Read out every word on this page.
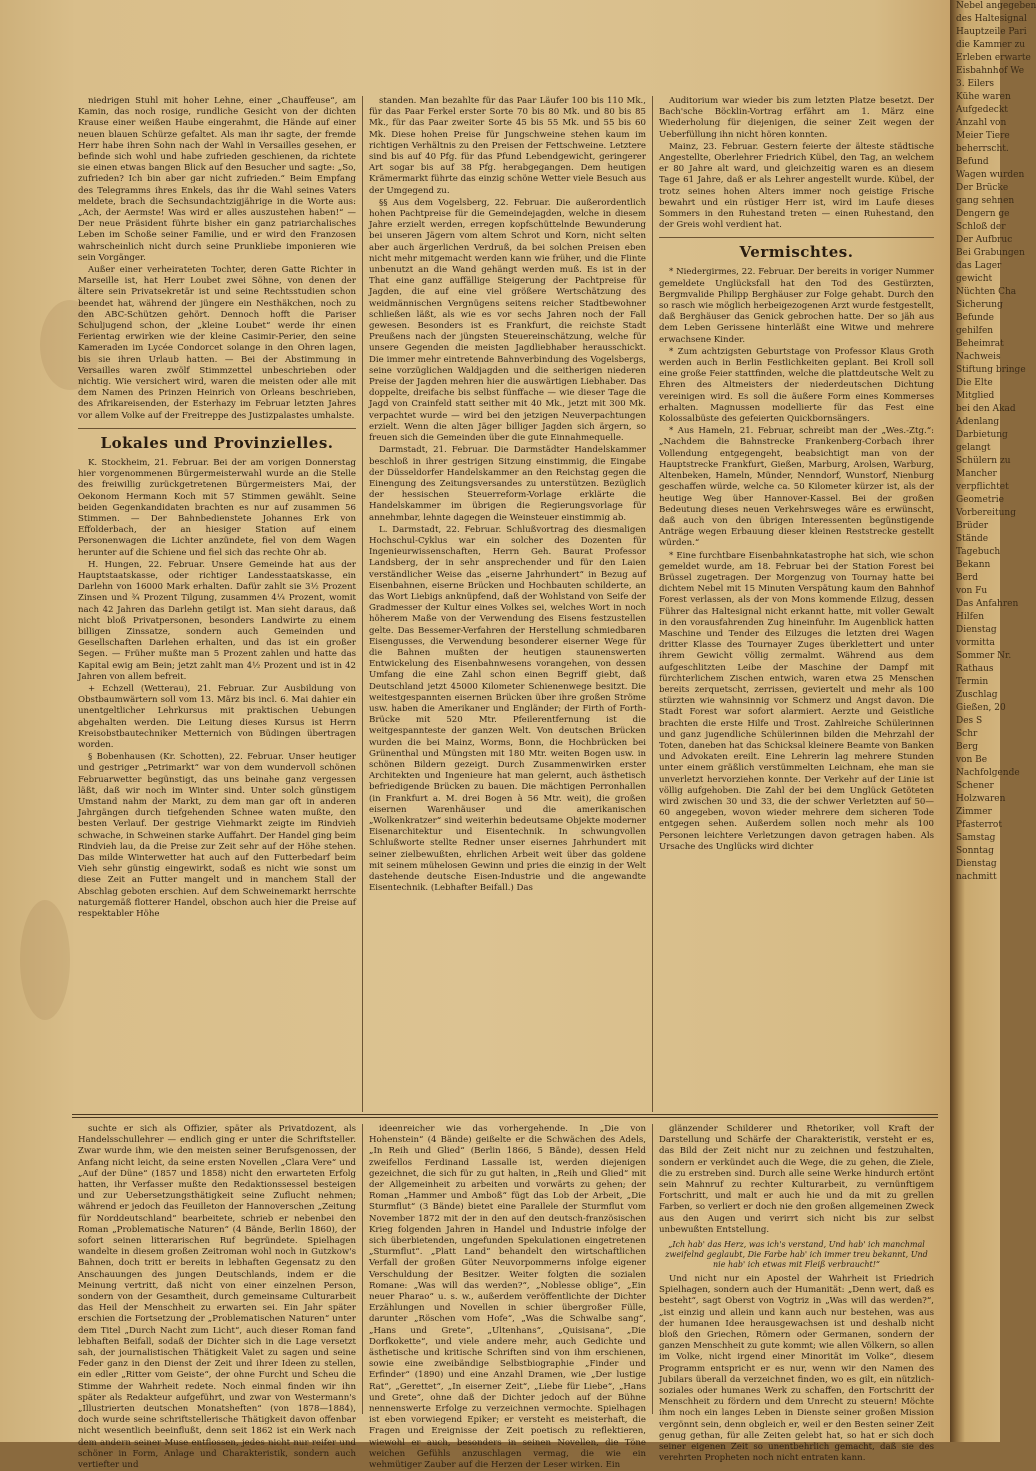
niedrigen Stuhl mit hoher Lehne, einer „Chauffeuse“, am Kamin, das noch rosige, rundliche Gesicht von der dichten Krause einer weißen Haube eingerahmt, die Hände auf einer neuen blauen Schürze gefaltet. Als man ihr sagte, der fremde Herr habe ihren Sohn nach der Wahl in Versailles gesehen, er befinde sich wohl und habe zufrieden geschienen, da richtete sie einen etwas bangen Blick auf den Besucher und sagte: „So, zufrieden? Ich bin aber gar nicht zufrieden.“ Beim Empfang des Telegramms ihres Enkels, das ihr die Wahl seines Vaters meldete, brach die Sechsundachtzigjährige in die Worte aus: „Ach, der Aermste! Was wird er alles auszustehen haben!“ — Der neue Präsident führte bisher ein ganz patriarchalisches Leben im Schoße seiner Familie, und er wird den Franzosen wahrscheinlich nicht durch seine Prunkliebe imponieren wie sein Vorgänger.

Außer einer verheirateten Tochter, deren Gatte Richter in Marseille ist, hat Herr Loubet zwei Söhne, von denen der ältere sein Privatsekretär ist und seine Rechtsstudien schon beendet hat, während der jüngere ein Nesthäkchen, noch zu den ABC-Schützen gehört. Dennoch hofft die Pariser Schuljugend schon, der „kleine Loubet“ werde ihr einen Ferientag erwirken wie der kleine Casimir-Perier, den seine Kameraden im Lycée Condorcet solange in den Ohren lagen, bis sie ihren Urlaub hatten. — Bei der Abstimmung in Versailles waren zwölf Stimmzettel unbeschrieben oder nichtig. Wie versichert wird, waren die meisten oder alle mit dem Namen des Prinzen Heinrich von Orleans beschrieben, des Afrikareisenden, der Esterhazy im Februar letzten Jahres vor allem Volke auf der Freitreppe des Justizpalastes umhalste.

Lokales und Provinzielles.

K. Stockheim, 21. Februar. Bei der am vorigen Donnerstag hier vorgenommenen Bürgermeisterwahl wurde an die Stelle des freiwillig zurückgetretenen Bürgermeisters Mai, der Oekonom Hermann Koch mit 57 Stimmen gewählt. Seine beiden Gegenkandidaten brachten es nur auf zusammen 56 Stimmen. — Der Bahnbedienstete Johannes Erk von Effolderbach, der an hiesiger Station auf einem Personenwagen die Lichter anzündete, fiel von dem Wagen herunter auf die Schiene und fiel sich das rechte Ohr ab.

H. Hungen, 22. Februar. Unsere Gemeinde hat aus der Hauptstaatskasse, oder richtiger Landesstaatskasse, ein Darlehn von 16000 Mark erhalten. Dafür zahlt sie 3½ Prozent Zinsen und ¾ Prozent Tilgung, zusammen 4¼ Prozent, womit nach 42 Jahren das Darlehn getilgt ist. Man sieht daraus, daß nicht bloß Privatpersonen, besonders Landwirte zu einem billigen Zinssatze, sondern auch Gemeinden und Gesellschaften Darlehen erhalten, und das ist ein großer Segen. — Früher mußte man 5 Prozent zahlen und hatte das Kapital ewig am Bein; jetzt zahlt man 4½ Prozent und ist in 42 Jahren von allem befreit.

+ Echzell (Wetterau), 21. Februar. Zur Ausbildung von Obstbaumwärtern soll vom 13. März bis incl. 6. Mai dahier ein unentgeltlicher Lehrkursus mit praktischen Uebungen abgehalten werden. Die Leitung dieses Kursus ist Herrn Kreisobstbautechniker Metternich von Büdingen übertragen worden.

§ Bobenhausen (Kr. Schotten), 22. Februar. Unser heutiger und gestriger „Petrimarkt“ war von dem wundervoll schönen Februarwetter begünstigt, das uns beinahe ganz vergessen läßt, daß wir noch im Winter sind. Unter solch günstigem Umstand nahm der Markt, zu dem man gar oft in anderen Jahrgängen durch tiefgehenden Schnee waten mußte, den besten Verlauf. Der gestrige Viehmarkt zeigte im Rindvieh schwache, in Schweinen starke Auffahrt. Der Handel ging beim Rindvieh lau, da die Preise zur Zeit sehr auf der Höhe stehen. Das milde Winterwetter hat auch auf den Futterbedarf beim Vieh sehr günstig eingewirkt, sodaß es nicht wie sonst um diese Zeit an Futter mangelt und in manchem Stall der Abschlag geboten erschien. Auf dem Schweinemarkt herrschte naturgemäß flotterer Handel, obschon auch hier die Preise auf respektabler Höhe

standen. Man bezahlte für das Paar Läufer 100 bis 110 Mk., für das Paar Ferkel erster Sorte 70 bis 80 Mk. und 80 bis 85 Mk., für das Paar zweiter Sorte 45 bis 55 Mk. und 55 bis 60 Mk. Diese hohen Preise für Jungschweine stehen kaum im richtigen Verhältnis zu den Preisen der Fettschweine. Letztere sind bis auf 40 Pfg. für das Pfund Lebendgewicht, geringerer Art sogar bis auf 38 Pfg. herabgegangen. Dem heutigen Krämermarkt führte das einzig schöne Wetter viele Besuch aus der Umgegend zu.

§§ Aus dem Vogelsberg, 22. Februar. Die außerordentlich hohen Pachtpreise für die Gemeindejagden, welche in diesem Jahre erzielt werden, erregen kopfschüttelnde Bewunderung bei unseren Jägern vom altem Schrot und Korn, nicht selten aber auch ärgerlichen Verdruß, da bei solchen Preisen eben nicht mehr mitgemacht werden kann wie früher, und die Flinte unbenutzt an die Wand gehängt werden muß. Es ist in der That eine ganz auffällige Steigerung der Pachtpreise für Jagden, die auf eine viel größere Wertschätzung des weidmännischen Vergnügens seitens reicher Stadtbewohner schließen läßt, als wie es vor sechs Jahren noch der Fall gewesen. Besonders ist es Frankfurt, die reichste Stadt Preußens nach der jüngsten Steuereinschätzung, welche für unsere Gegenden die meisten Jagdliebhaber herausschickt. Die immer mehr eintretende Bahnverbindung des Vogelsbergs, seine vorzüglichen Waldjagden und die seitherigen niederen Preise der Jagden mehren hier die auswärtigen Liebhaber. Das doppelte, dreifache bis selbst fünffache — wie dieser Tage die Jagd von Crainfeld statt seither mit 40 Mk., jetzt mit 300 Mk. verpachtet wurde — wird bei den jetzigen Neuverpachtungen erzielt. Wenn die alten Jäger billiger Jagden sich ärgern, so freuen sich die Gemeinden über die gute Einnahmequelle.

Darmstadt, 21. Februar. Die Darmstädter Handelskammer beschloß in ihrer gestrigen Sitzung einstimmig, die Eingabe der Düsseldorfer Handelskammer an den Reichstag gegen die Einengung des Zeitungsversandes zu unterstützen. Bezüglich der hessischen Steuerreform-Vorlage erklärte die Handelskammer im übrigen die Regierungsvorlage für annehmbar, lehnte dagegen die Weinsteuer einstimmig ab.

L. Darmstadt, 22. Februar. Schlußvortrag des diesmaligen Hochschul-Cyklus war ein solcher des Dozenten für Ingenieurwissenschaften, Herrn Geh. Baurat Professor Landsberg, der in sehr ansprechender und für den Laien verständlicher Weise das „eiserne Jahrhundert“ in Bezug auf Eisenbahnen, eiserne Brücken und Hochbauten schilderte, an das Wort Liebigs anknüpfend, daß der Wohlstand von Seife der Gradmesser der Kultur eines Volkes sei, welches Wort in noch höherem Maße von der Verwendung des Eisens festzustellen gelte. Das Bessemer-Verfahren der Herstellung schmiedbaren Eisengusses, die Verwendung besonderer eiserner Wege für die Bahnen mußten der heutigen staunenswerten Entwickelung des Eisenbahnwesens vorangehen, von dessen Umfang die eine Zahl schon einen Begriff giebt, daß Deutschland jetzt 45000 Kilometer Schienenwege besitzt. Die weitestgespannten eisernen Brücken über ihre großen Ströme usw. haben die Amerikaner und Engländer; der Firth of Forth-Brücke mit 520 Mtr. Pfeilerentfernung ist die weitgespannteste der ganzen Welt. Von deutschen Brücken wurden die bei Mainz, Worms, Bonn, die Hochbrücken bei Grünenthal und Müngsten mit 180 Mtr. weiten Bogen usw. in schönen Bildern gezeigt. Durch Zusammenwirken erster Architekten und Ingenieure hat man gelernt, auch ästhetisch befriedigende Brücken zu bauen. Die mächtigen Perronhallen (in Frankfurt a. M. drei Bogen à 56 Mtr. weit), die großen eisernen Warenhäuser und die amerikanischen „Wolkenkratzer“ sind weiterhin bedeutsame Objekte moderner Eisenarchitektur und Eisentechnik. In schwungvollen Schlußworte stellte Redner unser eisernes Jahrhundert mit seiner zielbewußten, ehrlichen Arbeit weit über das goldene mit seinem mühelosen Gewinn und pries die einzig in der Welt dastehende deutsche Eisen-Industrie und die angewandte Eisentechnik. (Lebhafter Beifall.) Das

Auditorium war wieder bis zum letzten Platze besetzt. Der Bach'sche Böcklin-Vortrag erfährt am 1. März eine Wiederholung für diejenigen, die seiner Zeit wegen der Ueberfüllung ihn nicht hören konnten.

Mainz, 23. Februar. Gestern feierte der älteste städtische Angestellte, Oberlehrer Friedrich Kübel, den Tag, an welchem er 80 Jahre alt ward, und gleichzeitig waren es an diesem Tage 61 Jahre, daß er als Lehrer angestellt wurde. Kübel, der trotz seines hohen Alters immer noch geistige Frische bewahrt und ein rüstiger Herr ist, wird im Laufe dieses Sommers in den Ruhestand treten — einen Ruhestand, den der Greis wohl verdient hat.

Vermischtes.

* Niedergirmes, 22. Februar. Der bereits in voriger Nummer gemeldete Unglücksfall hat den Tod des Gestürzten, Bergmvalide Philipp Berghäuser zur Folge gehabt. Durch den so rasch wie möglich herbeigezogenen Arzt wurde festgestellt, daß Berghäuser das Genick gebrochen hatte. Der so jäh aus dem Leben Gerissene hinterläßt eine Witwe und mehrere erwachsene Kinder.

* Zum achtzigsten Geburtstage von Professor Klaus Groth werden auch in Berlin Festlichkeiten geplant. Bei Kroll soll eine große Feier stattfinden, welche die plattdeutsche Welt zu Ehren des Altmeisters der niederdeutschen Dichtung vereinigen wird. Es soll die äußere Form eines Kommerses erhalten. Magnussen modellierte für das Fest eine Kolossalbüste des gefeierten Quickbornsängers.

* Aus Hameln, 21. Februar, schreibt man der „Wes.-Ztg.“: „Nachdem die Bahnstrecke Frankenberg-Corbach ihrer Vollendung entgegengeht, beabsichtigt man von der Hauptstrecke Frankfurt, Gießen, Marburg, Arolsen, Warburg, Altenbeken, Hameln, Münder, Nenndorf, Wunstorf, Nienburg geschaffen würde, welche ca. 50 Kilometer kürzer ist, als der heutige Weg über Hannover-Kassel. Bei der großen Bedeutung dieses neuen Verkehrsweges wäre es erwünscht, daß auch von den übrigen Interessenten begünstigende Anträge wegen Erbauung dieser kleinen Reststrecke gestellt würden.“

* Eine furchtbare Eisenbahnkatastrophe hat sich, wie schon gemeldet wurde, am 18. Februar bei der Station Forest bei Brüssel zugetragen. Der Morgenzug von Tournay hatte bei dichtem Nebel mit 15 Minuten Verspätung kaum den Bahnhof Forest verlassen, als der von Mons kommende Eilzug, dessen Führer das Haltesignal nicht erkannt hatte, mit voller Gewalt in den vorausfahrenden Zug hineinfuhr. Im Augenblick hatten Maschine und Tender des Eilzuges die letzten drei Wagen dritter Klasse des Tournayer Zuges überklettert und unter ihrem Gewicht völlig zermalmt. Während aus dem aufgeschlitzten Leibe der Maschine der Dampf mit fürchterlichem Zischen entwich, waren etwa 25 Menschen bereits zerquetscht, zerrissen, geviertelt und mehr als 100 stürzten wie wahnsinnig vor Schmerz und Angst davon. Die Stadt Forest war sofort alarmiert. Aerzte und Geistliche brachten die erste Hilfe und Trost. Zahlreiche Schülerinnen und ganz jugendliche Schülerinnen bilden die Mehrzahl der Toten, daneben hat das Schicksal kleinere Beamte von Banken und Advokaten ereilt. Eine Lehrerin lag mehrere Stunden unter einem gräßlich verstümmelten Leichnam, ehe man sie unverletzt hervorziehen konnte. Der Verkehr auf der Linie ist völlig aufgehoben. Die Zahl der bei dem Unglück Getöteten wird zwischen 30 und 33, die der schwer Verletzten auf 50—60 angegeben, wovon wieder mehrere dem sicheren Tode entgegen sehen. Außerdem sollen noch mehr als 100 Personen leichtere Verletzungen davon getragen haben. Als Ursache des Unglücks wird dichter

suchte er sich als Offizier, später als Privatdozent, als Handelsschullehrer — endlich ging er unter die Schriftsteller. Zwar wurde ihm, wie den meisten seiner Berufsgenossen, der Anfang nicht leicht, da seine ersten Novellen „Clara Vere“ und „Auf der Düne“ (1857 und 1858) nicht den erwarteten Erfolg hatten, ihr Verfasser mußte den Redaktionssessel besteigen und zur Uebersetzungsthätigkeit seine Zuflucht nehmen; während er jedoch das Feuilleton der Hannoverschen „Zeitung für Norddeutschland“ bearbeitete, schrieb er nebenbei den Roman „Problematische Naturen“ (4 Bände, Berlin 1860), der sofort seinen litterarischen Ruf begründete. Spielhagen wandelte in diesem großen Zeitroman wohl noch in Gutzkow's Bahnen, doch tritt er bereits in lebhaften Gegensatz zu den Anschauungen des jungen Deutschlands, indem er die Meinung vertritt, daß nicht von einer einzelnen Person, sondern von der Gesamtheit, durch gemeinsame Culturarbeit das Heil der Menschheit zu erwarten sei. Ein Jahr später erschien die Fortsetzung der „Problematischen Naturen“ unter dem Titel „Durch Nacht zum Licht“, auch dieser Roman fand lebhaften Beifall, sodaß der Dichter sich in die Lage versetzt sah, der journalistischen Thätigkeit Valet zu sagen und seine Feder ganz in den Dienst der Zeit und ihrer Ideen zu stellen, ein edler „Ritter vom Geiste“, der ohne Furcht und Scheu die Stimme der Wahrheit redete. Noch einmal finden wir ihn später als Redakteur aufgeführt, und zwar von Westermann's „Illustrierten deutschen Monatsheften“ (von 1878—1884), doch wurde seine schriftstellerische Thätigkeit davon offenbar nicht wesentlich beeinflußt, denn seit 1862 ist ein Werk nach dem andern seiner Muse entflossen, jedes nicht nur reifer und schöner in Form, Anlage und Charakteristik, sondern auch vertiefter und

ideenreicher wie das vorhergehende. In „Die von Hohenstein“ (4 Bände) geißelte er die Schwächen des Adels, „In Reih und Glied“ (Berlin 1866, 5 Bände), dessen Held zweifellos Ferdinand Lassalle ist, werden diejenigen gezeichnet, die sich für zu gut halten, in „Reih und Glied“ mit der Allgemeinheit zu arbeiten und vorwärts zu gehen; der Roman „Hammer und Amboß“ fügt das Lob der Arbeit, „Die Sturmflut“ (3 Bände) bietet eine Parallele der Sturmflut vom November 1872 mit der in den auf den deutsch-französischen Krieg folgenden Jahren in Handel und Industrie infolge der sich überbietenden, ungefunden Spekulationen eingetretenen „Sturmflut“. „Platt Land“ behandelt den wirtschaftlichen Verfall der großen Güter Neuvorpommerns infolge eigener Verschuldung der Besitzer. Weiter folgten die sozialen Romane: „Was will das werden?“, „Noblesse oblige“, „Ein neuer Pharao“ u. s. w., außerdem veröffentlichte der Dichter Erzählungen und Novellen in schier übergroßer Fülle, darunter „Röschen vom Hofe“, „Was die Schwalbe sang“, „Hans und Grete“, „Ultenhans“, „Quisisana“, „Die Dorfkokette“, und viele andere mehr, auch Gedichte und ästhetische und kritische Schriften sind von ihm erschienen, sowie eine zweibändige Selbstbiographie „Finder und Erfinder“ (1890) und eine Anzahl Dramen, wie „Der lustige Rat“, „Gerettet“, „In eiserner Zeit“, „Liebe für Liebe“, „Hans und Grete“, ohne daß der Dichter jedoch auf der Bühne nennenswerte Erfolge zu verzeichnen vermochte. Spielhagen ist eben vorwiegend Epiker; er versteht es meisterhaft, die Fragen und Ereignisse der Zeit poetisch zu reflektieren, wiewohl er auch, besonders in seinen Novellen, die Töne weichen Gefühls anzuschlagen vermag, die wie ein wehmütiger Zauber auf die Herzen der Leser wirken. Ein

glänzender Schilderer und Rhetoriker, voll Kraft der Darstellung und Schärfe der Charakteristik, versteht er es, das Bild der Zeit nicht nur zu zeichnen und festzuhalten, sondern er verkündet auch die Wege, die zu gehen, die Ziele, die zu erstreben sind. Durch alle seine Werke hindurch ertönt sein Mahnruf zu rechter Kulturarbeit, zu vernünftigem Fortschritt, und malt er auch hie und da mit zu grellen Farben, so verliert er doch nie den großen allgemeinen Zweck aus den Augen und verirrt sich nicht bis zur selbst unbewußten Entstellung.

„Ich hab' das Herz, was ich's verstand, Und hab' ich manchmal zweifelnd geglaubt, Die Farbe hab' ich immer treu bekannt, Und nie hab' ich etwas mit Fleiß verbraucht!“

Und nicht nur ein Apostel der Wahrheit ist Friedrich Spielhagen, sondern auch der Humanität: „Denn wert, daß es besteht“, sagt Oberst von Vogtriz in „Was will das werden?“, „ist einzig und allein und kann auch nur bestehen, was aus der humanen Idee herausgewachsen ist und deshalb nicht bloß den Griechen, Römern oder Germanen, sondern der ganzen Menschheit zu gute kommt; wie allen Völkern, so allen im Volke, nicht irgend einer Minorität im Volke“, diesem Programm entspricht er es nur, wenn wir den Namen des Jubilars überall da verzeichnet finden, wo es gilt, ein nützlich-soziales oder humanes Werk zu schaffen, den Fortschritt der Menschheit zu fördern und dem Unrecht zu steuern! Möchte ihm noch ein langes Leben in Dienste seiner großen Mission vergönnt sein, denn obgleich er, weil er den Besten seiner Zeit genug gethan, für alle Zeiten gelebt hat, so hat er sich doch seiner eigenen Zeit so unentbehrlich gemacht, daß sie des verehrten Propheten noch nicht entraten kann.

Nebel angegeben
des Haltesignal
Hauptzeile Pari
die Kammer zu
Erleben erwarte
Eisbahnhof We
3. Eilers
Kühe waren
Aufgedeckt
Anzahl von
Meier Tiere
beherrscht.
Befund
Wagen wurden
Der Brücke
gang sehnen
Dengern ge
Schloß der
Der Aufbruc
Bei Grabungen
das Lager
gewicht
Nüchten Cha
Sicherung
Befunde
gehilfen
Beheimrat
Nachweis
Stiftung bringe
Die Elte
Mitglied
bei den Akad
Adenlang
Darbietung
gelangt
Schülern zu
Mancher
verpflichtet
Geometrie
Vorbereitung
Brüder
Stände
Tagebuch
Bekann
Berd
von Fu
Das Anfahren
Hilfen
Dienstag
vormitta
Sommer Nr.
Rathaus
Termin
Zuschlag
Gießen, 20
Des S
Schr
Berg
von Be
Nachfolgende
Schener
Holzwaren
Zimmer
Pfasterrot
Samstag
Sonntag
Dienstag
nachmitt
